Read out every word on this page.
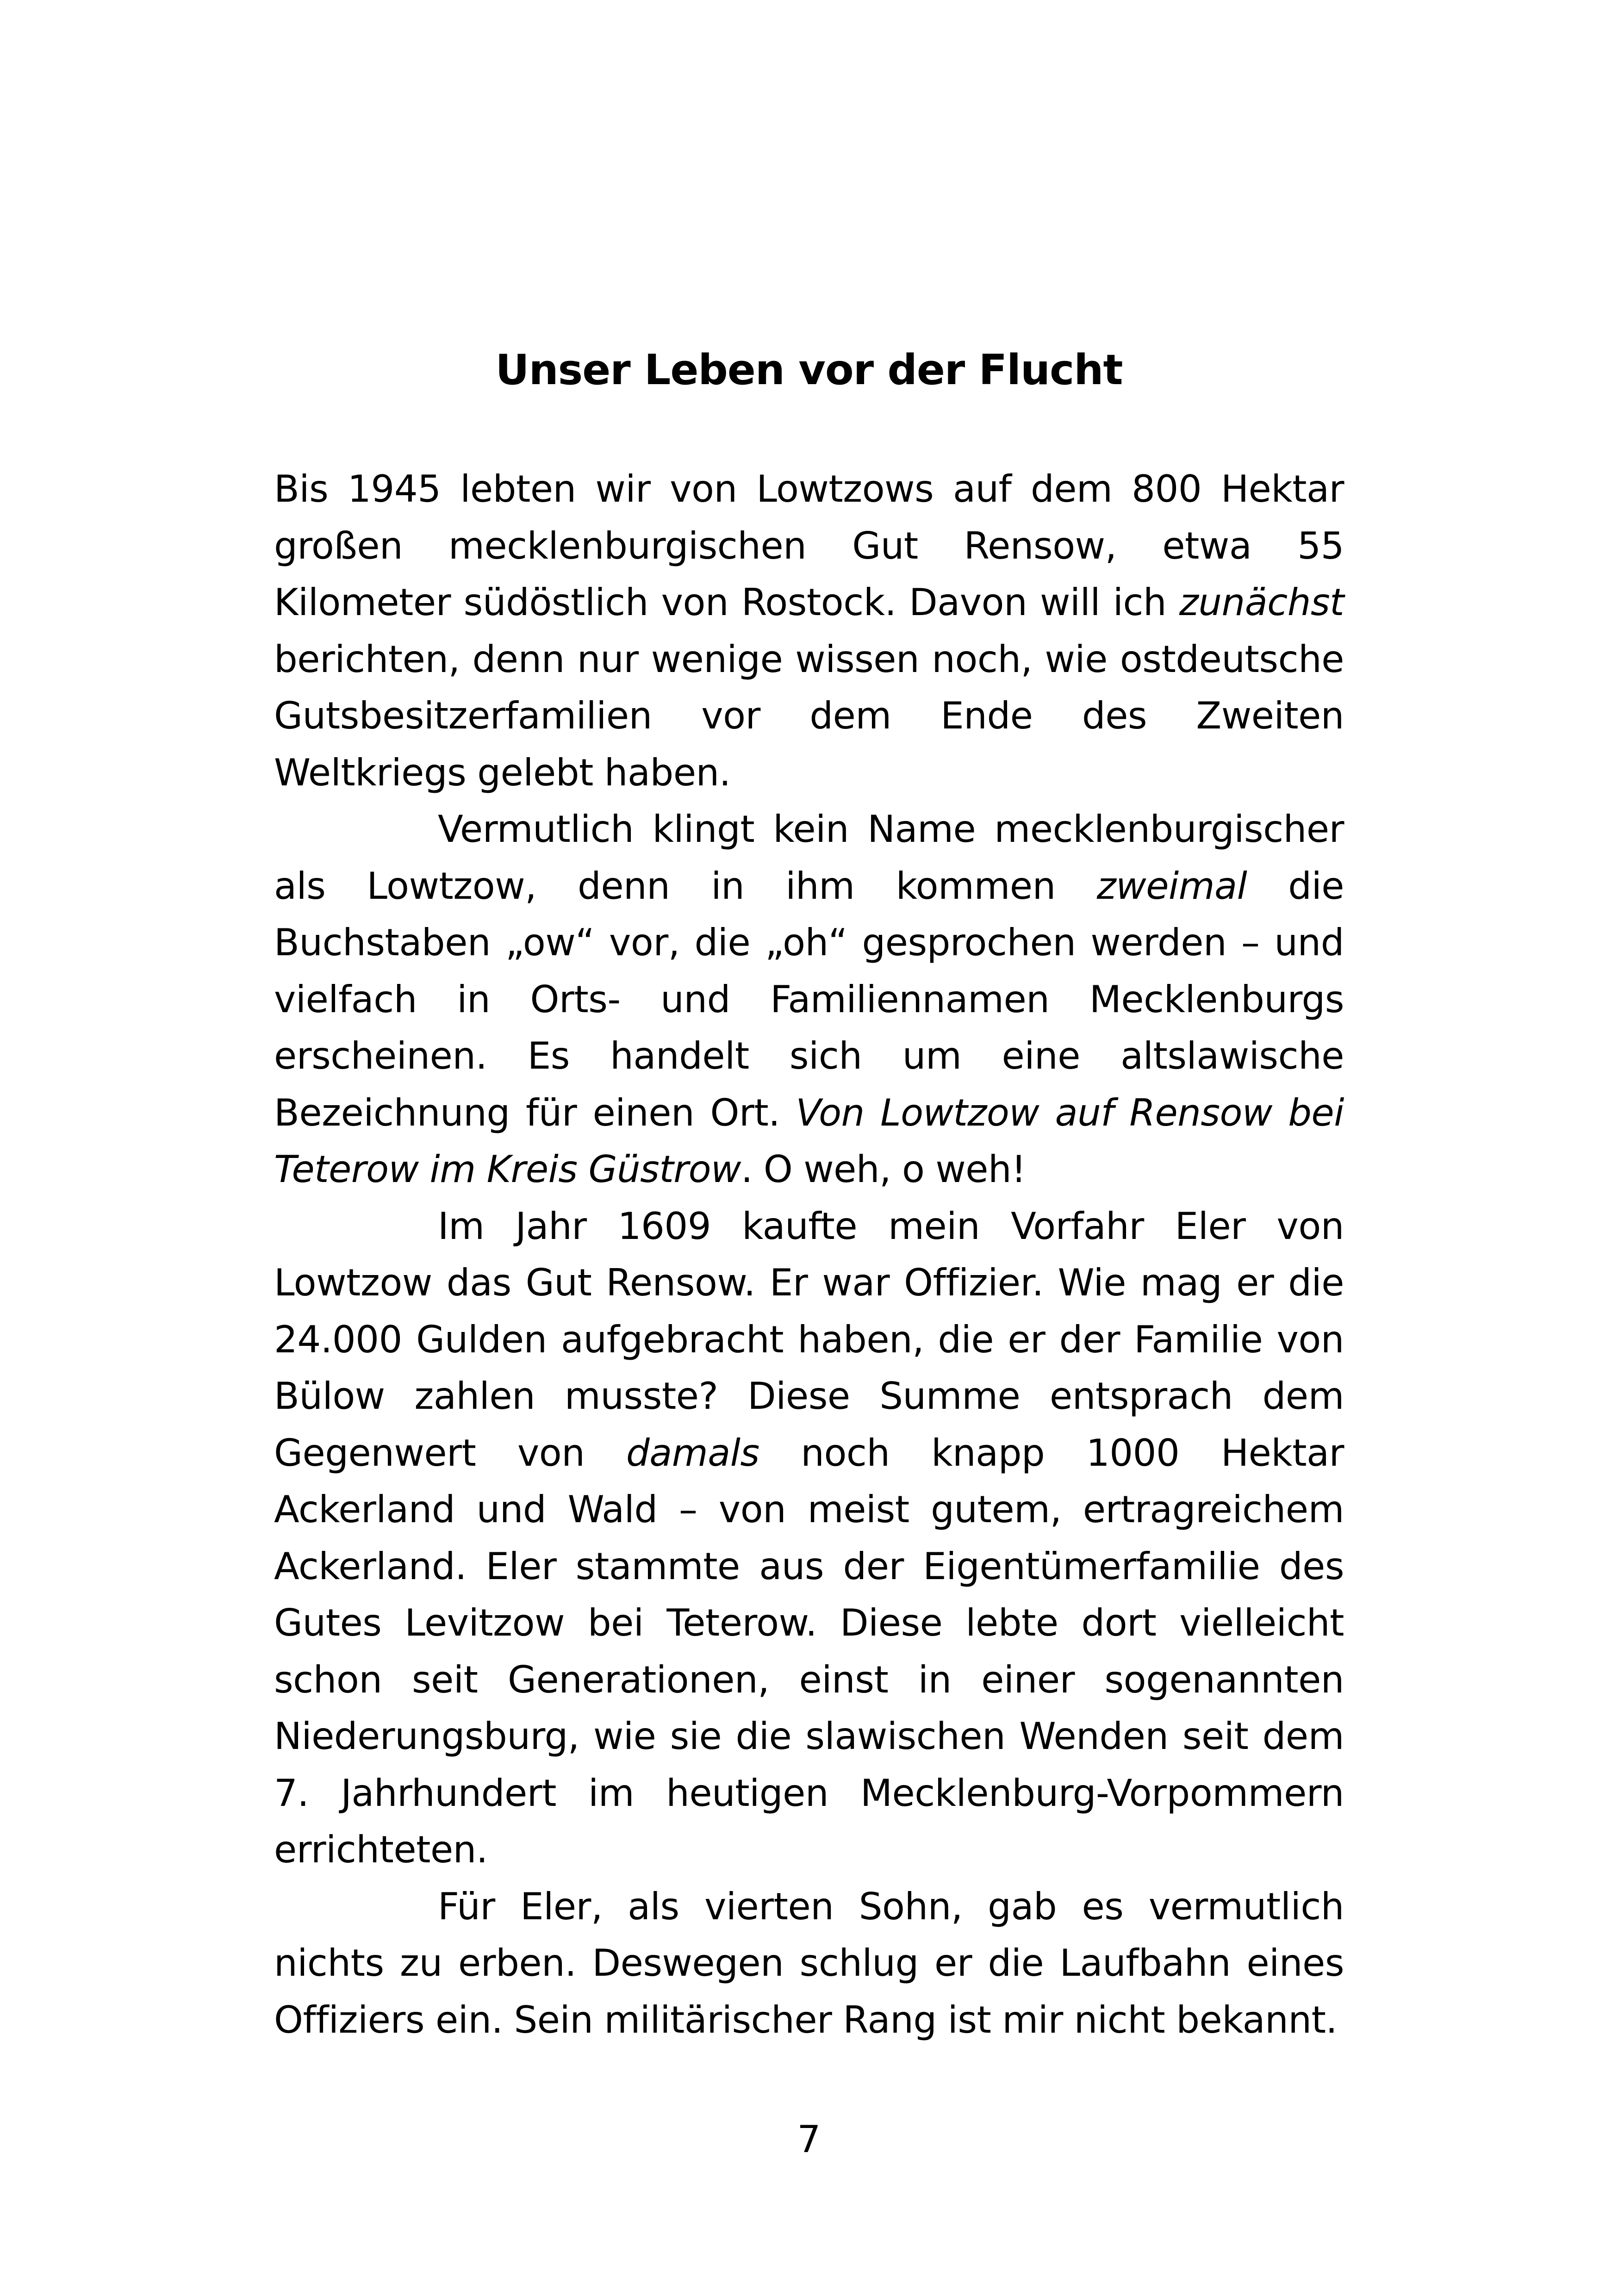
Unser Leben vor der Flucht

Bis 1945 lebten wir von Lowtzows auf dem 800 Hektar großen mecklenburgischen Gut Rensow, etwa 55 Kilometer südöstlich von Rostock. Davon will ich zunächst berichten, denn nur wenige wissen noch, wie ostdeutsche Gutsbesitzerfamilien vor dem Ende des Zweiten Weltkriegs gelebt haben.

Vermutlich klingt kein Name mecklenburgischer als Lowtzow, denn in ihm kommen zweimal die Buchstaben „ow“ vor, die „oh“ gesprochen werden – und vielfach in Orts- und Familiennamen Mecklenburgs erscheinen. Es handelt sich um eine altslawische Bezeichnung für einen Ort. Von Lowtzow auf Rensow bei Teterow im Kreis Güstrow. O weh, o weh!

Im Jahr 1609 kaufte mein Vorfahr Eler von Lowtzow das Gut Rensow. Er war Offizier. Wie mag er die 24.000 Gulden aufgebracht haben, die er der Familie von Bülow zahlen musste? Diese Summe entsprach dem Gegenwert von damals noch knapp 1000 Hektar Ackerland und Wald – von meist gutem, ertragreichem Ackerland. Eler stammte aus der Eigentümerfamilie des Gutes Levitzow bei Teterow. Diese lebte dort vielleicht schon seit Generationen, einst in einer sogenannten Niederungsburg, wie sie die slawischen Wenden seit dem 7. Jahrhundert im heutigen Mecklenburg-Vorpommern errichteten.

Für Eler, als vierten Sohn, gab es vermutlich nichts zu erben. Deswegen schlug er die Laufbahn eines Offiziers ein. Sein militärischer Rang ist mir nicht bekannt.

7
